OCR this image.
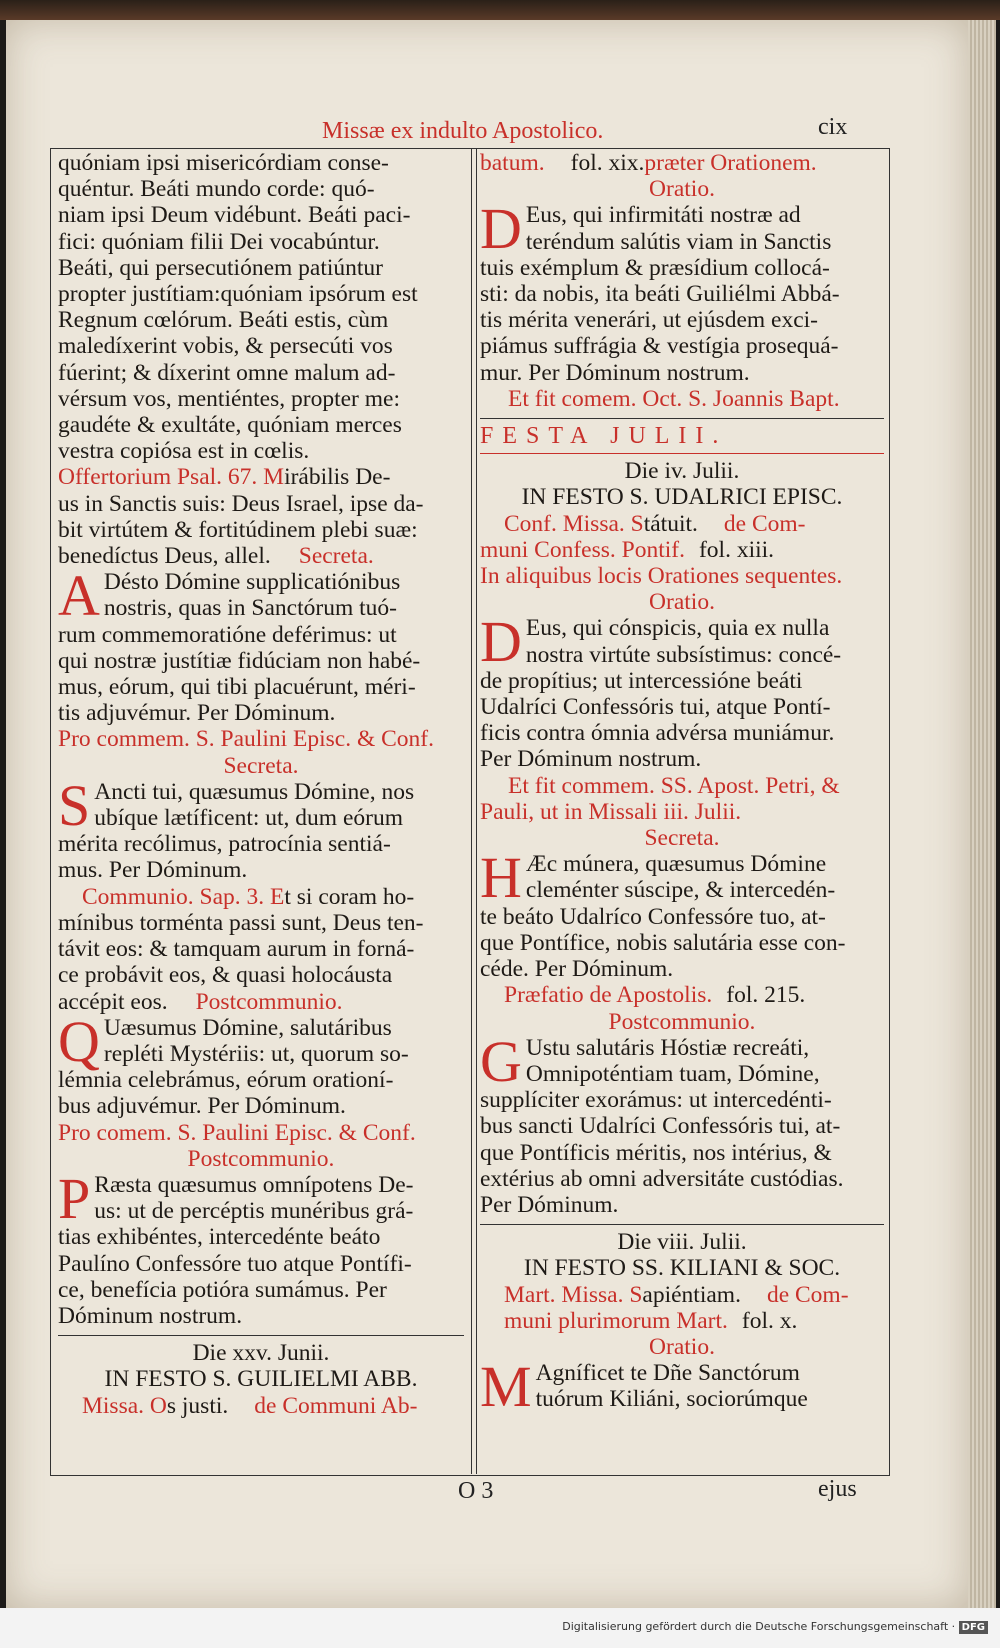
Missæ ex indulto Apostolico.	cix

quóniam ipsi misericórdiam conse-

quéntur. Beáti mundo corde: quó-

niam ipsi Deum vidébunt. Beáti paci-

fici: quóniam filii Dei vocabúntur.

Beáti, qui persecutiónem patiúntur

propter justítiam:quóniam ipsórum est

Regnum cœlórum. Beáti estis, cùm

maledíxerint vobis, & persecúti vos

fúerint; & díxerint omne malum ad-

vérsum vos, mentiéntes, propter me:

gaudéte & exultáte, quóniam merces

vestra copiósa est in cœlis.

Offertorium Psal. 67. Mirábilis De-

us in Sanctis suis: Deus Israel, ipse da-

bit virtútem & fortitúdinem plebi suæ:

benedíctus Deus, allel. Secreta.

A Désto Dómine supplicatiónibus
nostris, quas in Sanctórum tuó-

rum commemoratióne deférimus: ut

qui nostræ justítiæ fidúciam non habé-

mus, eórum, qui tibi placuérunt, méri-

tis adjuvémur. Per Dóminum.

Pro commem. S. Paulini Episc. & Conf.

Secreta.

S Ancti tui, quæsumus Dómine, nos
ubíque lætíficent: ut, dum eórum

mérita recólimus, patrocínia sentiá-

mus. Per Dóminum.

Communio. Sap. 3. Et si coram ho-

mínibus torménta passi sunt, Deus ten-

távit eos: & tamquam aurum in forná-

ce probávit eos, & quasi holocáusta

accépit eos. Postcommunio.

Q Uæsumus Dómine, salutáribus
repléti Mystériis: ut, quorum so-

lémnia celebrámus, eórum orationí-

bus adjuvémur. Per Dóminum.

Pro comem. S. Paulini Episc. & Conf.

Postcommunio.

P Ræsta quæsumus omnípotens De-
us: ut de percéptis munéribus grá-

tias exhibéntes, intercedénte beáto

Paulíno Confessóre tuo atque Pontífi-

ce, benefícia potióra sumámus. Per

Dóminum nostrum.

Die xxv. Junii.

IN FESTO S. GUILIELMI ABB.

Missa. Os justi. de Communi Ab-

batum. fol. xix.præter Orationem.

Oratio.

D Eus, qui infirmitáti nostræ ad
teréndum salútis viam in Sanctis

tuis exémplum & præsídium collocá-

sti: da nobis, ita beáti Guiliélmi Abbá-

tis mérita venerári, ut ejúsdem exci-

piámus suffrágia & vestígia prosequá-

mur. Per Dóminum nostrum.

Et fit comem. Oct. S. Joannis Bapt.

FESTA JULII.

Die iv. Julii.

IN FESTO S. UDALRICI EPISC.

Conf. Missa. Státuit. de Com-

muni Confess. Pontif. fol. xiii.

In aliquibus locis Orationes sequentes.

Oratio.

D Eus, qui cónspicis, quia ex nulla
nostra virtúte subsístimus: concé-

de propítius; ut intercessióne beáti

Udalríci Confessóris tui, atque Pontí-

ficis contra ómnia advérsa muniámur.

Per Dóminum nostrum.

Et fit commem. SS. Apost. Petri, &

Pauli, ut in Missali iii. Julii.

Secreta.

H Æc múnera, quæsumus Dómine
cleménter súscipe, & intercedén-

te beáto Udalríco Confessóre tuo, at-

que Pontífice, nobis salutária esse con-

céde. Per Dóminum.

Præfatio de Apostolis. fol. 215.

Postcommunio.

G Ustu salutáris Hóstiæ recreáti,
Omnipoténtiam tuam, Dómine,

supplíciter exorámus: ut intercedénti-

bus sancti Udalríci Confessóris tui, at-

que Pontíficis méritis, nos intérius, &

extérius ab omni adversitáte custódias.

Per Dóminum.

Die viii. Julii.

IN FESTO SS. KILIANI & SOC.

Mart. Missa. Sapiéntiam. de Com-

muni plurimorum Mart. fol. x.

Oratio.

M Agníficet te Dñe Sanctórum
tuórum Kiliáni, sociorúmque

O 3	ejus
Digitalisierung gefördert durch die Deutsche Forschungsgemeinschaft · DFG
